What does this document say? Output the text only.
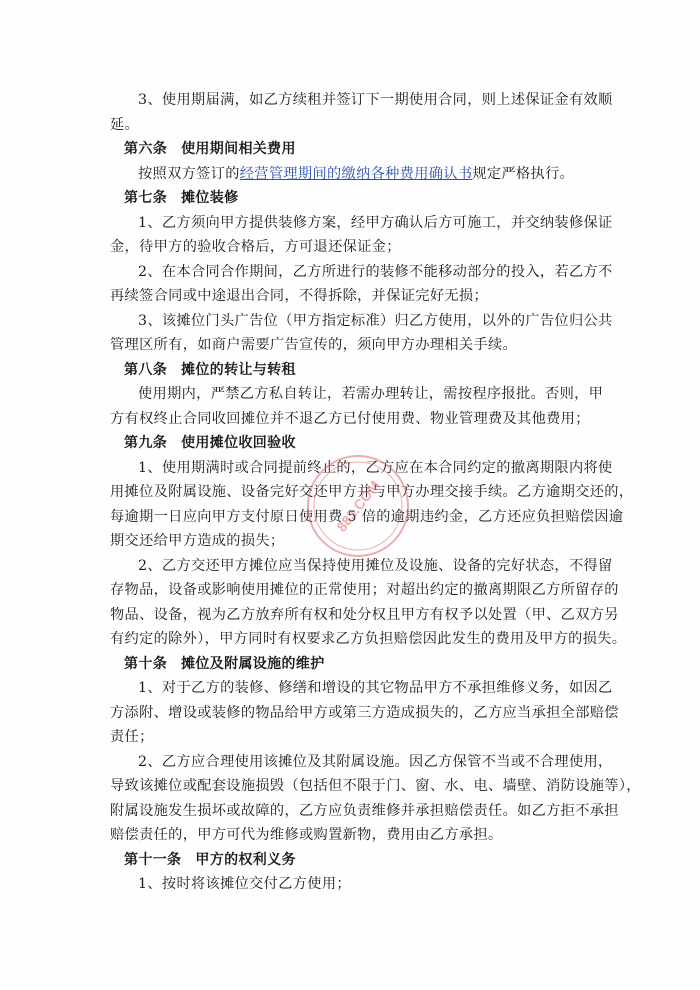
3、使用期届满，如乙方续租并签订下一期使用合同，则上述保证金有效顺
延。
第六条 使用期间相关费用
按照双方签订的经营管理期间的缴纳各种费用确认书规定严格执行。
第七条 摊位装修
1、乙方须向甲方提供装修方案，经甲方确认后方可施工，并交纳装修保证
金，待甲方的验收合格后，方可退还保证金；
2、在本合同合作期间，乙方所进行的装修不能移动部分的投入，若乙方不
再续签合同或中途退出合同，不得拆除，并保证完好无损；
3、该摊位门头广告位（甲方指定标准）归乙方使用，以外的广告位归公共
管理区所有，如商户需要广告宣传的，须向甲方办理相关手续。
第八条 摊位的转让与转租
使用期内，严禁乙方私自转让，若需办理转让，需按程序报批。否则，甲
方有权终止合同收回摊位并不退乙方已付使用费、物业管理费及其他费用；
第九条 使用摊位收回验收
1、使用期满时或合同提前终止的，乙方应在本合同约定的撤离期限内将使
用摊位及附属设施、设备完好交还甲方并与甲方办理交接手续。乙方逾期交还的，
每逾期一日应向甲方支付原日使用费 5 倍的逾期违约金，乙方还应负担赔偿因逾
期交还给甲方造成的损失；
2、乙方交还甲方摊位应当保持使用摊位及设施、设备的完好状态，不得留
存物品，设备或影响使用摊位的正常使用；对超出约定的撤离期限乙方所留存的
物品、设备，视为乙方放弃所有权和处分权且甲方有权予以处置（甲、乙双方另
有约定的除外），甲方同时有权要求乙方负担赔偿因此发生的费用及甲方的损失。
第十条 摊位及附属设施的维护
1、对于乙方的装修、修缮和增设的其它物品甲方不承担维修义务，如因乙
方添附、增设或装修的物品给甲方或第三方造成损失的，乙方应当承担全部赔偿
责任；
2、乙方应合理使用该摊位及其附属设施。因乙方保管不当或不合理使用，
导致该摊位或配套设施损毁（包括但不限于门、窗、水、电、墙壁、消防设施等），
附属设施发生损坏或故障的，乙方应负责维修并承担赔偿责任。如乙方拒不承担
赔偿责任的，甲方可代为维修或购置新物，费用由乙方承担。
第十一条 甲方的权利义务
1、按时将该摊位交付乙方使用；
883.COM
